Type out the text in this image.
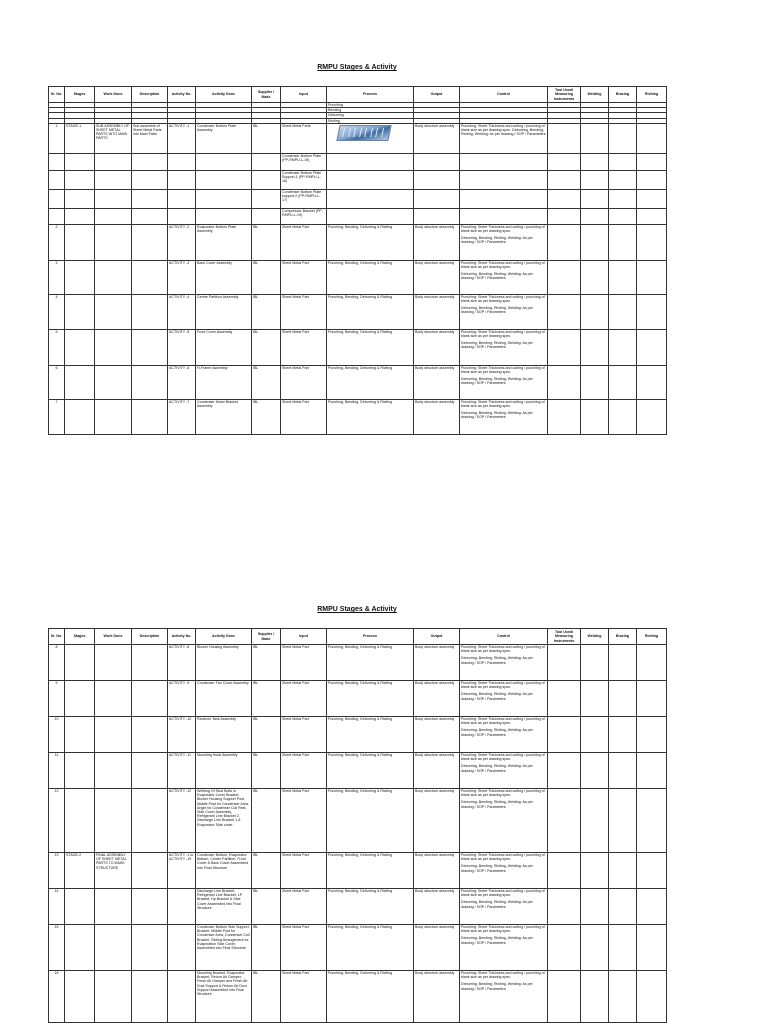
RMPU Stages & Activity
Sr. No.	Stages	Work Done	Description	Activity No.	Activity Done	Supplier / Make	Input	Process	Output	Control	Tool Used/ Measuring Instruments	Welding	Brazing	Riviting
								Punching						
								Bending						
								Deburring						
								Riviting						
1	STAGE-1	SUB ASSEMBLY OF SHEET METAL PARTS INTO MAIN PARTS	Sub assemble of Sheet Metal Parts into Main Parts	ACTIVITY -1	Condenser Bottom Plate Assembly	IBL	Sheet Metal Parts		Body structure assembly	Punching: Sheet Thickness and cutting / punching of blank size as per drawing spec. Deburring, Bending, Riviting, Welding: As per drawing / SOP / Parameters				

							Condenser Bottom Plate (PP-RMPU-L-19)							
							Condenser Bottom Plate Support-1 (PP-RMPU-L-16)							
							Condenser Bottom Plate support-2 (PP-RMPU-L-17)							
							Compressor Bracket (PP-RMPU-L-19)							
2				ACTIVITY -2	Evaporator Bottom Plate Assembly	IBL	Sheet Metal Part	Punching, Bending, Deburring & Riviting	Body structure assembly	Punching: Sheet Thickness and cutting / punching of blank size as per drawing spec.
Deburring, Bending, Riviting, Welding: As per drawing / SOP / Parameters				

3				ACTIVITY -3	Back Cover Assembly	IBL	Sheet Metal Part	Punching, Bending, Deburring & Riviting	Body structure assembly	Punching: Sheet Thickness and cutting / punching of blank size as per drawing spec.
Deburring, Bending, Riviting, Welding: As per drawing / SOP / Parameters				

4				ACTIVITY -4	Centre Partition Assembly	IBL	Sheet Metal Part	Punching, Bending, Deburring & Riviting	Body structure assembly	Punching: Sheet Thickness and cutting / punching of blank size as per drawing spec.
Deburring, Bending, Riviting, Welding: As per drawing / SOP / Parameters				

5				ACTIVITY -5	Front Cover Assembly	IBL	Sheet Metal Part	Punching, Bending, Deburring & Riviting	Body structure assembly	Punching: Sheet Thickness and cutting / punching of blank size as per drawing spec.
Deburring, Bending, Riviting, Welding: As per drawing / SOP / Parameters				

6				ACTIVITY -6	H-Frame Assembly	IBL	Sheet Metal Part	Punching, Bending, Deburring & Riviting	Body structure assembly	Punching: Sheet Thickness and cutting / punching of blank size as per drawing spec.
Deburring, Bending, Riviting, Welding: As per drawing / SOP / Parameters				

7				ACTIVITY -7	Condenser Motor Bracket Assembly	IBL	Sheet Metal Part	Punching, Bending, Deburring & Riviting	Body structure assembly	Punching: Sheet Thickness and cutting / punching of blank size as per drawing spec.
Deburring, Bending, Riviting, Welding: As per drawing / SOP / Parameters				

RMPU Stages & Activity
Sr. No.	Stages	Work Done	Description	Activity No.	Activity Done	Supplier / Make	Input	Process	Output	Control	Tool Used/ Measuring Instruments	Welding	Brazing	Riviting
8				ACTIVITY -8	Blower Housing Assembly	IBL	Sheet Metal Part	Punching, Bending, Deburring & Riviting	Body structure assembly	Punching: Sheet Thickness and cutting / punching of blank size as per drawing spec.
Deburring, Bending, Riviting, Welding: As per drawing / SOP / Parameters				

9				ACTIVITY -9	Condenser Fan Cover Assembly	IBL	Sheet Metal Part	Punching, Bending, Deburring & Riviting	Body structure assembly	Punching: Sheet Thickness and cutting / punching of blank size as per drawing spec.
Deburring, Bending, Riviting, Welding: As per drawing / SOP / Parameters				

10				ACTIVITY -10	Receiver Tank Assembly	IBL	Sheet Metal Part	Punching, Bending, Deburring & Riviting	Body structure assembly	Punching: Sheet Thickness and cutting / punching of blank size as per drawing spec.
Deburring, Bending, Riviting, Welding: As per drawing / SOP / Parameters				

11				ACTIVITY -11	Mounting Hook Assembly	IBL	Sheet Metal Part	Punching, Bending, Deburring & Riviting	Body structure assembly	Punching: Sheet Thickness and cutting / punching of blank size as per drawing spec.
Deburring, Bending, Riviting, Welding: As per drawing / SOP / Parameters				

12				ACTIVITY -12	Welding Of Stud Bolts in Evaporator Cover Bracket, Blower Housing Support Post, Middle Post for Condenser Area, Angle for Condenser Coil Rest, Side Cover Assembly, Refrigerant Line Bracket 2, Discharge Line Bracket 1 & Evaporator Side cover	IBL	Sheet Metal Part	Punching, Bending, Deburring & Riviting	Body structure assembly	Punching: Sheet Thickness and cutting / punching of blank size as per drawing spec.
Deburring, Bending, Riviting, Welding: As per drawing / SOP / Parameters				

13	STAGE-2	FINAL ASSEMBLY OF SHEET METAL PARTS TO MAKE STRUCTURE		ACTIVITY -1 to ACTIVITY -19	Condenser Bottom, Evaporator Bottom, Center Partition, Front Cover & Back Cover Assembled into Final Structure	IBL	Sheet Metal Part	Punching, Bending, Deburring & Riviting	Body structure assembly	Punching: Sheet Thickness and cutting / punching of blank size as per drawing spec.
Deburring, Bending, Riviting, Welding: As per drawing / SOP / Parameters				

14					Discharge Line Bracket, Refrigerant Line Bracket, LP Bracket, Hp Bracket & Side Cover Assembled into Final Structure	IBL	Sheet Metal Part	Punching, Bending, Deburring & Riviting	Body structure assembly	Punching: Sheet Thickness and cutting / punching of blank size as per drawing spec.
Deburring, Bending, Riviting, Welding: As per drawing / SOP / Parameters				

15					Condenser Bottom Side Support Bracket, Middle Post for Condenser Area, Condenser Coil Bracket, Sliding Arrangement for Evaporation Side Cover, Assembled into Final Structure	IBL	Sheet Metal Part	Punching, Bending, Deburring & Riviting	Body structure assembly	Punching: Sheet Thickness and cutting / punching of blank size as per drawing spec.
Deburring, Bending, Riviting, Welding: As per drawing / SOP / Parameters				

16					Mounting Bracket, Evaporator Bracket, Return Air Damper, Fresh Air Damper and Fresh Air Duct Support & Return Air Duct Support Assembled into Final Structure	IBL	Sheet Metal Part	Punching, Bending, Deburring & Riviting	Body structure assembly	Punching: Sheet Thickness and cutting / punching of blank size as per drawing spec.
Deburring, Bending, Riviting, Welding: As per drawing / SOP / Parameters				
